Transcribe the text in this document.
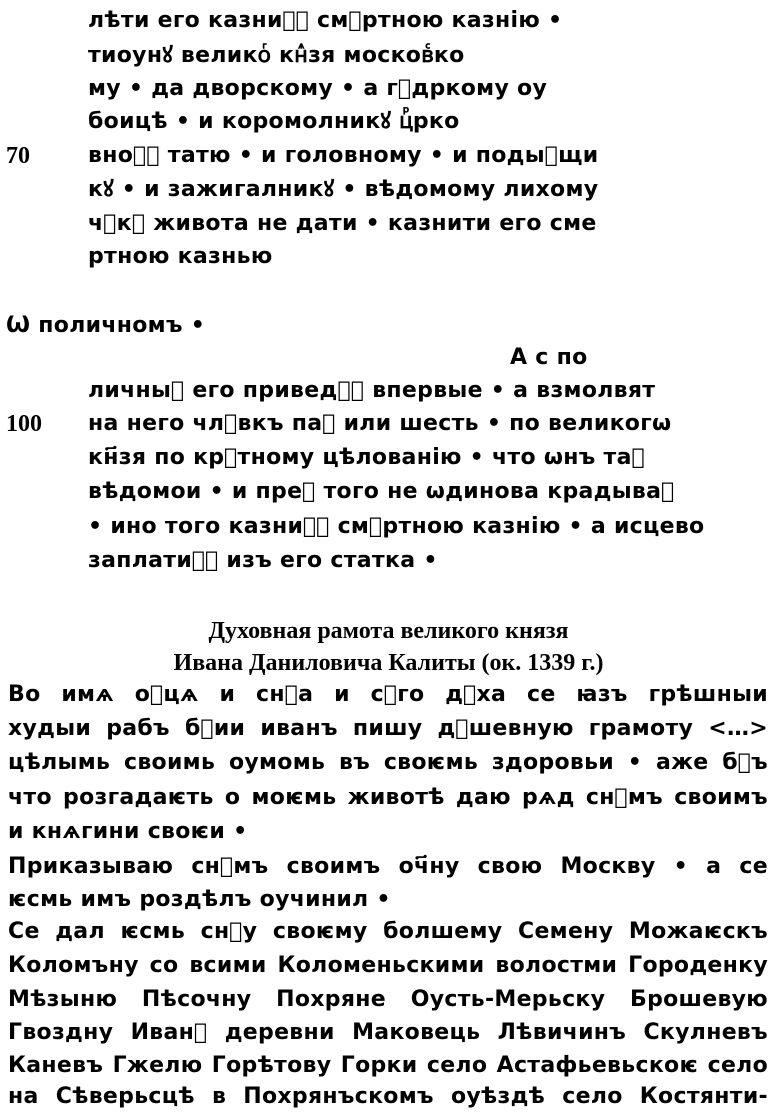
лѣти его казниⷮⷭ смⷬртною казнiю •
тиоунꙋ великоⷢ кнⷽзя московⷭко
му • да дворскому • а гⷭдркому оу
боицѣ • и коромолникꙋ цⷬрко
70	вноⷨꙋ татю • и головному • и подыⷨщи
кꙋ • и зажигалникꙋ • вѣдомому лихому
чⷧкꙋ живота не дати • казнити его сме
ртною казнью
Ѡ поличномъ •
А с по
личныⷨ его приведꙋⷮ впервые • а взмолвят
100 на него члⷡвкъ паⷮ или шесть • по великогѡ
кн҃зя по крⷭтному цѣлованiю • что ѡнъ таⷮ
вѣдомои • и преⷤ того не ѡдинова крадываⷧ
• ино того казниⷮⷭ смⷬртною казнiю • а исцево
заплатиⷮⷭ изъ его статка •
Духовная рамота великого князя
Ивана Даниловича Калиты (ок. 1339 г.)
Во имѧ оⷮцѧ и снⷭа и сⷭго дⷯха се ꙗзъ грѣшныи
худыи рабъ бⷤии иванъ пишу дⷪшевную грамоту <…>
цѣлымь своимь оумомь въ своѥмь здоровьи • аже бⷪъ
что розгадаѥть о моѥмь животѣ даю рѧд снⷭмъ своимъ
и кнѧгини своѥи •
Приказываю снⷭмъ своимъ оч҃ну свою Москву • а се
ѥсмь имъ роздѣлъ оучинил •
Се дал ѥсмь снⷭу своѥму болшему Семену Можаѥскъ
Коломъну со всими Коломеньскими волостми Городенку
Мѣзыню Пѣсочну Похряне Оусть-Мерьску Брошевую
Гвоздну Иванⷩ деревни Маковець Лѣвичинъ Скулневъ
Каневъ Гжелю Горѣтову Горки село Астафьевьскоѥ село
на Сѣверьсцѣ в Похрянъскомъ оуѣздѣ село Костянти-
